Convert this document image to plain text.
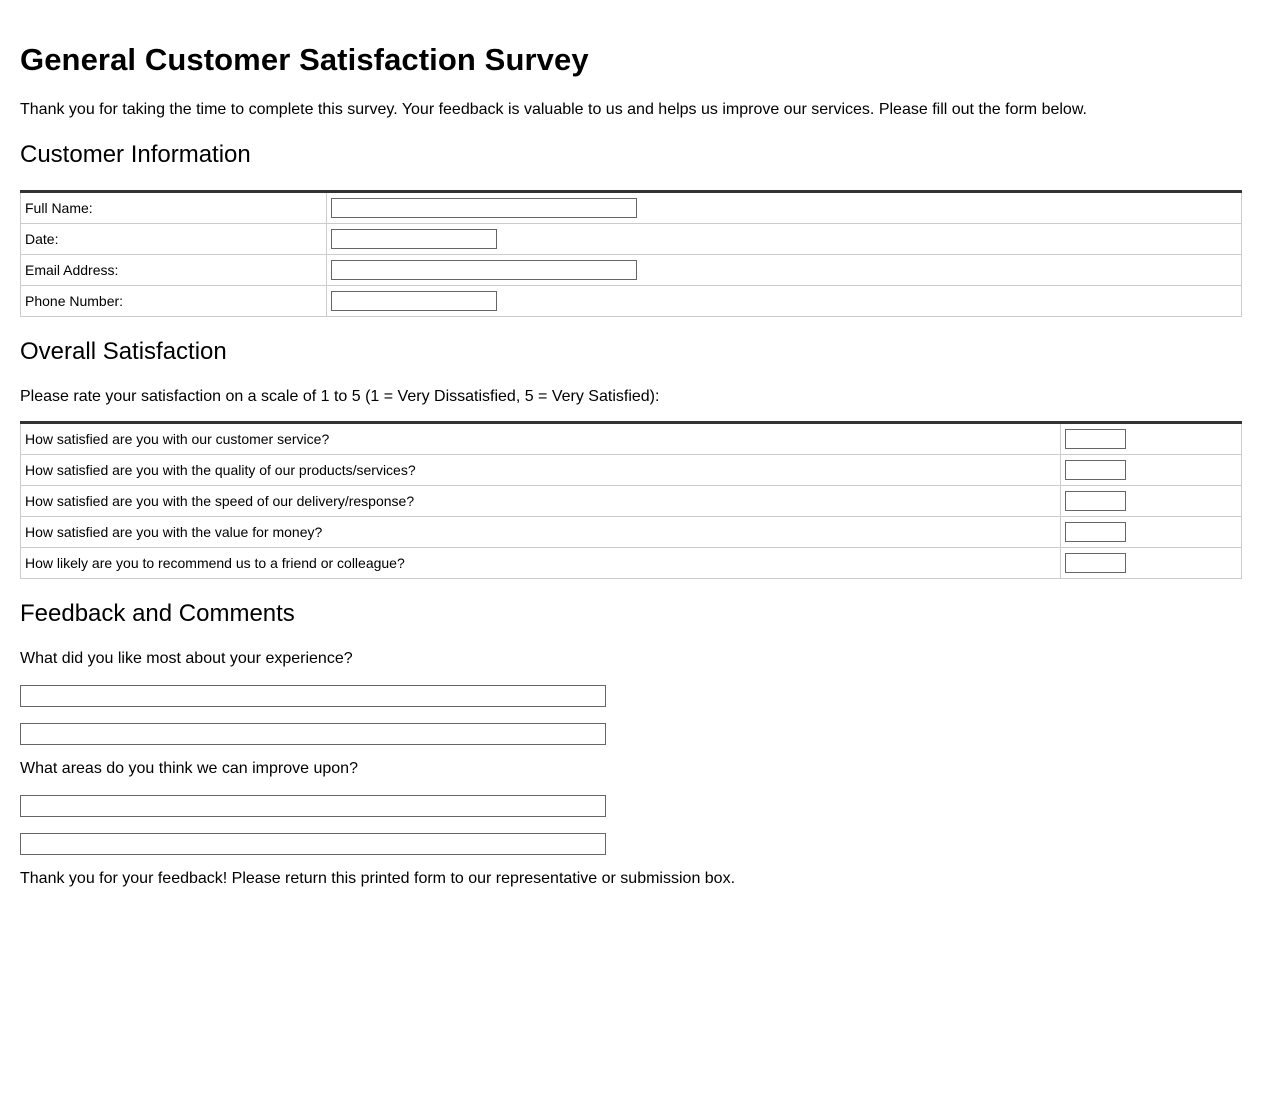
General Customer Satisfaction Survey

Thank you for taking the time to complete this survey. Your feedback is valuable to us and helps us improve our services. Please fill out the form below.

Customer Information
Full Name:	
Date:	
Email Address:	
Phone Number:	
Overall Satisfaction

Please rate your satisfaction on a scale of 1 to 5 (1 = Very Dissatisfied, 5 = Very Satisfied):

How satisfied are you with our customer service?	
How satisfied are you with the quality of our products/services?	
How satisfied are you with the speed of our delivery/response?	
How satisfied are you with the value for money?	
How likely are you to recommend us to a friend or colleague?	
Feedback and Comments

What did you like most about your experience?

What areas do you think we can improve upon?

Thank you for your feedback! Please return this printed form to our representative or submission box.
